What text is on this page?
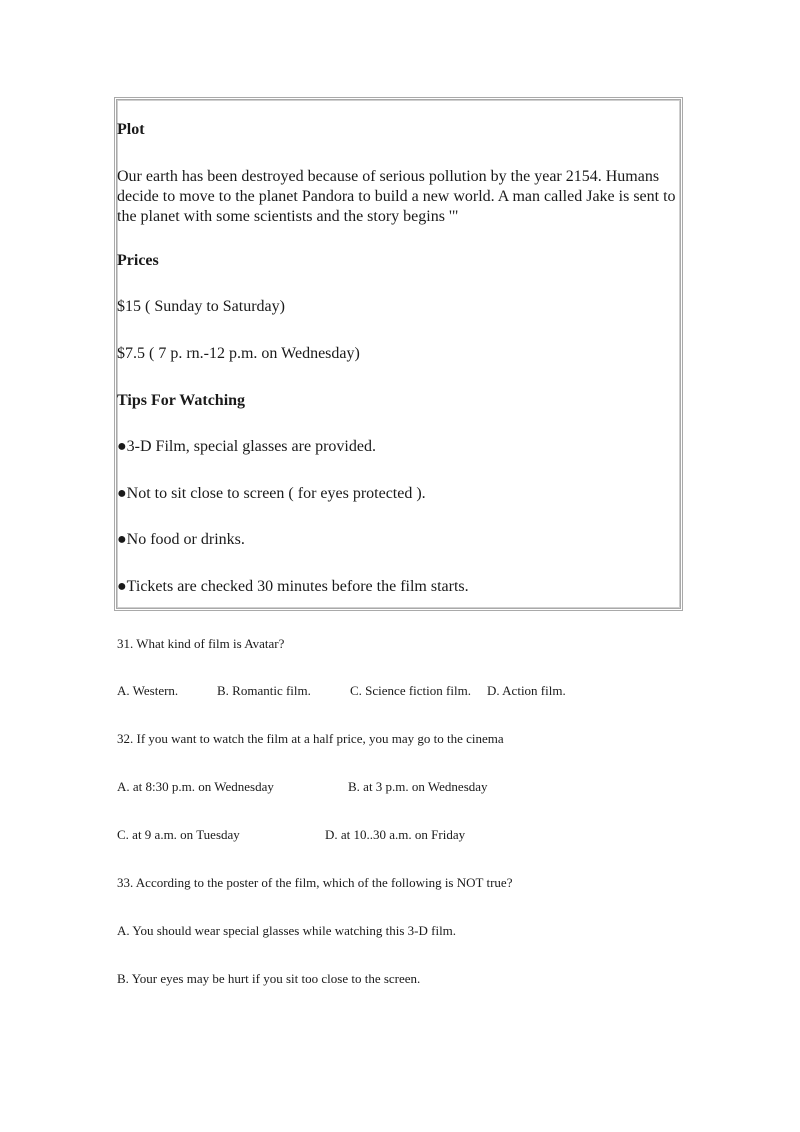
Plot
Our earth has been destroyed because of serious pollution by the year 2154. Humans decide to move to the planet Pandora to build a new world. A man called Jake is sent to the planet with some scientists and the story begins '"
Prices
$15 ( Sunday to Saturday)
$7.5 ( 7 p. rn.-12 p.m. on Wednesday)
Tips For Watching
●3-D Film, special glasses are provided.
●Not to sit close to screen ( for eyes protected ).
●No food or drinks.
●Tickets are checked 30 minutes before the film starts.
31. What kind of film is Avatar?
A. Western.	B. Romantic film.	C. Science fiction film. D. Action film.
32. If you want to watch the film at a half price, you may go to the cinema
A. at 8:30 p.m. on Wednesday	B. at 3 p.m. on Wednesday
C. at 9 a.m. on Tuesday	D. at 10..30 a.m. on Friday
33. According to the poster of the film, which of the following is NOT true?
A. You should wear special glasses while watching this 3-D film.
B. Your eyes may be hurt if you sit too close to the screen.
